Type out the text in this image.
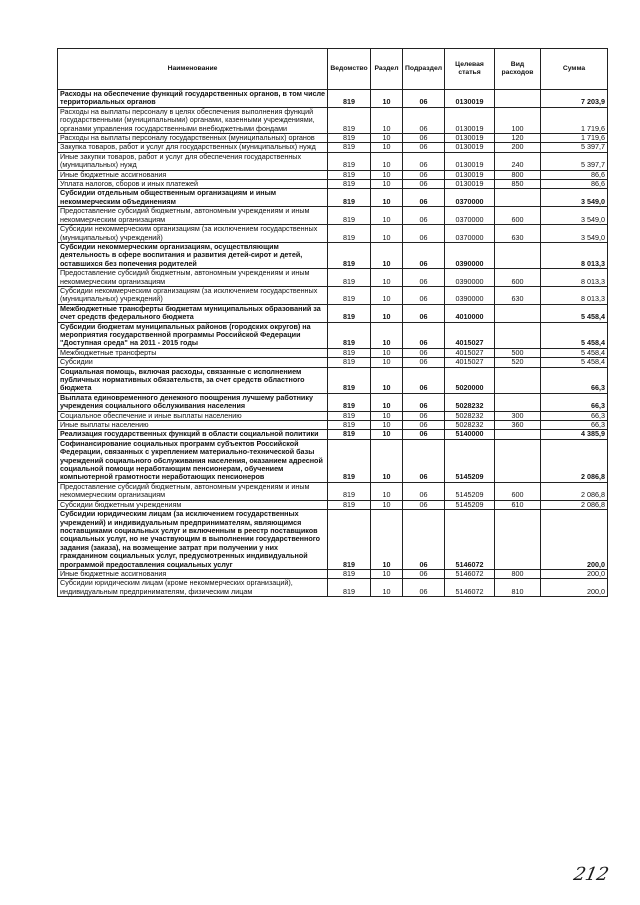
Наименование	Ведомство	Раздел	Подраздел	Целевая статья	Вид расходов	Сумма
Расходы на обеспечение функций государственных органов, в том числе территориальных органов	819	10	06	0130019		7 203,9
Расходы на выплаты персоналу в целях обеспечения выполнения функций государственными (муниципальными) органами, казенными учреждениями, органами управления государственными внебюджетными фондами	819	10	06	0130019	100	1 719,6
Расходы на выплаты персоналу государственных (муниципальных) органов	819	10	06	0130019	120	1 719,6
Закупка товаров, работ и услуг для государственных (муниципальных) нужд	819	10	06	0130019	200	5 397,7
Иные закупки товаров, работ и услуг для обеспечения государственных (муниципальных) нужд	819	10	06	0130019	240	5 397,7
Иные бюджетные ассигнования	819	10	06	0130019	800	86,6
Уплата налогов, сборов и иных платежей	819	10	06	0130019	850	86,6
Субсидии отдельным общественным организациям и иным некоммерческим объединениям	819	10	06	0370000		3 549,0
Предоставление субсидий бюджетным, автономным учреждениям и иным некоммерческим организациям	819	10	06	0370000	600	3 549,0
Субсидии некоммерческим организациям (за исключением государственных (муниципальных) учреждений)	819	10	06	0370000	630	3 549,0
Субсидии некоммерческим организациям, осуществляющим деятельность в сфере воспитания и развития детей-сирот и детей, оставшихся без попечения родителей	819	10	06	0390000		8 013,3
Предоставление субсидий бюджетным, автономным учреждениям и иным некоммерческим организациям	819	10	06	0390000	600	8 013,3
Субсидии некоммерческим организациям (за исключением государственных (муниципальных) учреждений)	819	10	06	0390000	630	8 013,3
Межбюджетные трансферты бюджетам муниципальных образований за счет средств федерального бюджета	819	10	06	4010000		5 458,4
Субсидии бюджетам муниципальных районов (городских округов) на мероприятия государственной программы Российской Федерации "Доступная среда" на 2011 - 2015 годы	819	10	06	4015027		5 458,4
Межбюджетные трансферты	819	10	06	4015027	500	5 458,4
Субсидии	819	10	06	4015027	520	5 458,4
Социальная помощь, включая расходы, связанные с исполнением публичных нормативных обязательств, за счет средств областного бюджета	819	10	06	5020000		66,3
Выплата единовременного денежного поощрения лучшему работнику учреждения социального обслуживания населения	819	10	06	5028232		66,3
Социальное обеспечение и иные выплаты населению	819	10	06	5028232	300	66,3
Иные выплаты населению	819	10	06	5028232	360	66,3
Реализация государственных функций в области социальной политики	819	10	06	5140000		4 385,9
Софинансирование социальных программ субъектов Российской Федерации, связанных с укреплением материально-технической базы учреждений социального обслуживания населения, оказанием адресной социальной помощи неработающим пенсионерам, обучением компьютерной грамотности неработающих пенсионеров	819	10	06	5145209		2 086,8
Предоставление субсидий бюджетным, автономным учреждениям и иным некоммерческим организациям	819	10	06	5145209	600	2 086,8
Субсидии бюджетным учреждениям	819	10	06	5145209	610	2 086,8
Субсидии юридическим лицам (за исключением государственных учреждений) и индивидуальным предпринимателям, являющимся поставщиками социальных услуг и включенным в реестр поставщиков социальных услуг, но не участвующим в выполнении государственного задания (заказа), на возмещение затрат при получении у них гражданином социальных услуг, предусмотренных индивидуальной программой предоставления социальных услуг	819	10	06	5146072		200,0
Иные бюджетные ассигнования	819	10	06	5146072	800	200,0
Субсидии юридическим лицам (кроме некоммерческих организаций), индивидуальным предпринимателям, физическим лицам	819	10	06	5146072	810	200,0
212
